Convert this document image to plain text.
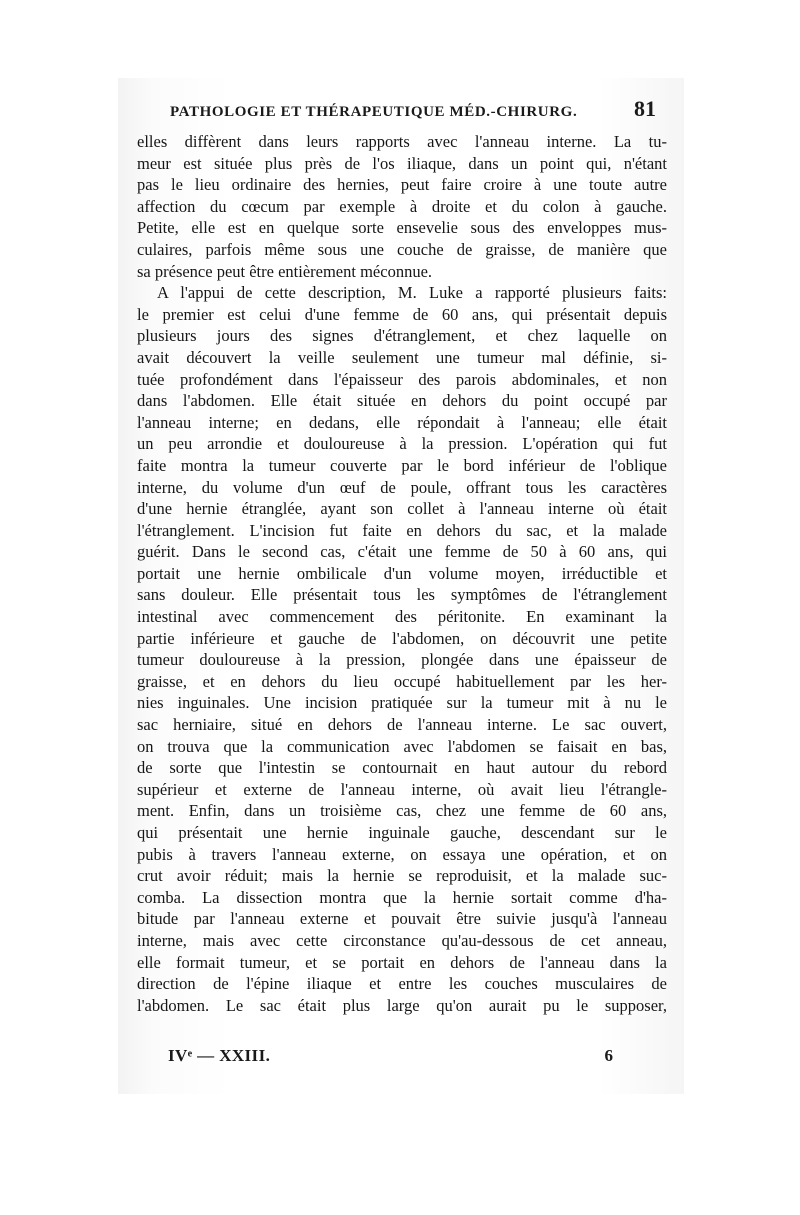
PATHOLOGIE ET THÉRAPEUTIQUE MÉD.-CHIRURG.	81
elles diffèrent dans leurs rapports avec l'anneau interne. La tu-
meur est située plus près de l'os iliaque, dans un point qui, n'étant
pas le lieu ordinaire des hernies, peut faire croire à une toute autre
affection du cœcum par exemple à droite et du colon à gauche.
Petite, elle est en quelque sorte ensevelie sous des enveloppes mus-
culaires, parfois même sous une couche de graisse, de manière que
sa présence peut être entièrement méconnue.
A l'appui de cette description, M. Luke a rapporté plusieurs faits:
le premier est celui d'une femme de 60 ans, qui présentait depuis
plusieurs jours des signes d'étranglement, et chez laquelle on
avait découvert la veille seulement une tumeur mal définie, si-
tuée profondément dans l'épaisseur des parois abdominales, et non
dans l'abdomen. Elle était située en dehors du point occupé par
l'anneau interne; en dedans, elle répondait à l'anneau; elle était
un peu arrondie et douloureuse à la pression. L'opération qui fut
faite montra la tumeur couverte par le bord inférieur de l'oblique
interne, du volume d'un œuf de poule, offrant tous les caractères
d'une hernie étranglée, ayant son collet à l'anneau interne où était
l'étranglement. L'incision fut faite en dehors du sac, et la malade
guérit. Dans le second cas, c'était une femme de 50 à 60 ans, qui
portait une hernie ombilicale d'un volume moyen, irréductible et
sans douleur. Elle présentait tous les symptômes de l'étranglement
intestinal avec commencement des péritonite. En examinant la
partie inférieure et gauche de l'abdomen, on découvrit une petite
tumeur douloureuse à la pression, plongée dans une épaisseur de
graisse, et en dehors du lieu occupé habituellement par les her-
nies inguinales. Une incision pratiquée sur la tumeur mit à nu le
sac herniaire, situé en dehors de l'anneau interne. Le sac ouvert,
on trouva que la communication avec l'abdomen se faisait en bas,
de sorte que l'intestin se contournait en haut autour du rebord
supérieur et externe de l'anneau interne, où avait lieu l'étrangle-
ment. Enfin, dans un troisième cas, chez une femme de 60 ans,
qui présentait une hernie inguinale gauche, descendant sur le
pubis à travers l'anneau externe, on essaya une opération, et on
crut avoir réduit; mais la hernie se reproduisit, et la malade suc-
comba. La dissection montra que la hernie sortait comme d'ha-
bitude par l'anneau externe et pouvait être suivie jusqu'à l'anneau
interne, mais avec cette circonstance qu'au-dessous de cet anneau,
elle formait tumeur, et se portait en dehors de l'anneau dans la
direction de l'épine iliaque et entre les couches musculaires de
l'abdomen. Le sac était plus large qu'on aurait pu le supposer,
IVᵉ — XXIII.	6
